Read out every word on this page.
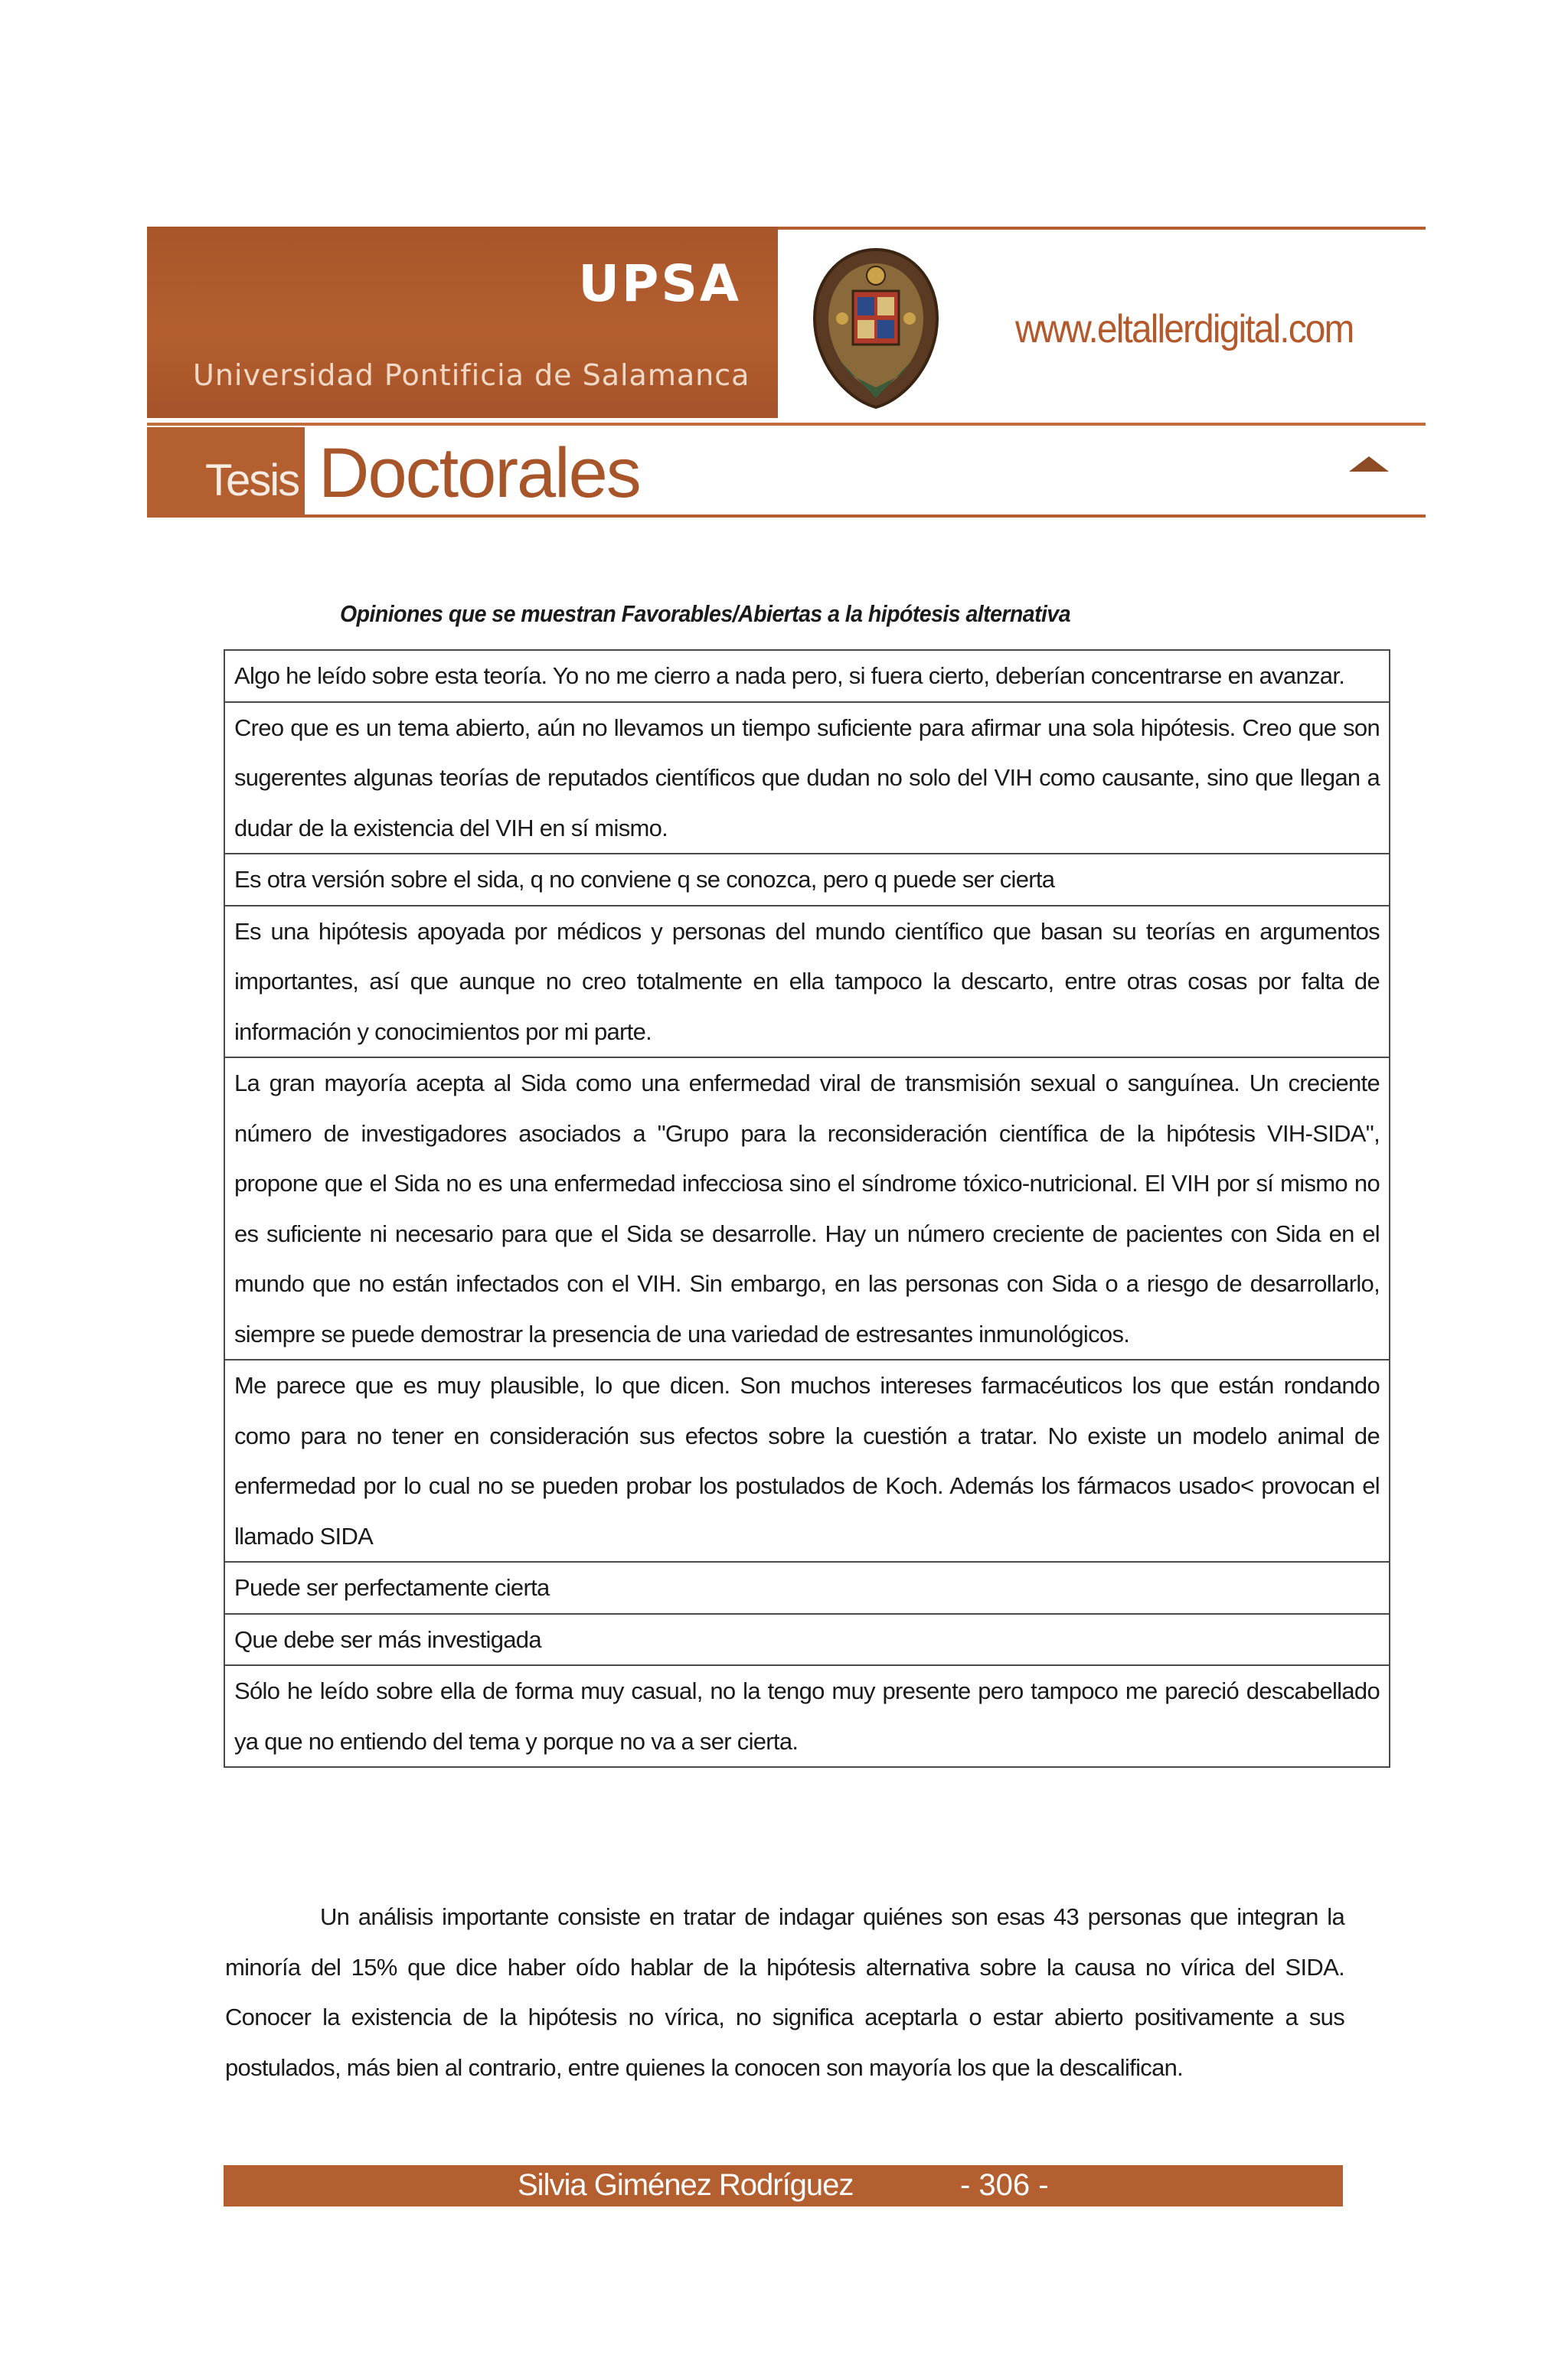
UPSA
Universidad Pontificia de Salamanca
www.eltallerdigital.com
Tesis Doctorales
Opiniones que se muestran Favorables/Abiertas a la hipótesis alternativa
Algo he leído sobre esta teoría. Yo no me cierro a nada pero, si fuera cierto, deberían concentrarse en avanzar.
Creo que es un tema abierto, aún no llevamos un tiempo suficiente para afirmar una sola hipótesis. Creo que son sugerentes algunas teorías de reputados científicos que dudan no solo del VIH como causante, sino que llegan a dudar de la existencia del VIH en sí mismo.
Es otra versión sobre el sida, q no conviene q se conozca, pero q puede ser cierta
Es una hipótesis apoyada por médicos y personas del mundo científico que basan su teorías en argumentos importantes, así que aunque no creo totalmente en ella tampoco la descarto, entre otras cosas por falta de información y conocimientos por mi parte.
La gran mayoría acepta al Sida como una enfermedad viral de transmisión sexual o sanguínea. Un creciente número de investigadores asociados a "Grupo para la reconsideración científica de la hipótesis VIH-SIDA", propone que el Sida no es una enfermedad infecciosa sino el síndrome tóxico-nutricional. El VIH por sí mismo no es suficiente ni necesario para que el Sida se desarrolle. Hay un número creciente de pacientes con Sida en el mundo que no están infectados con el VIH. Sin embargo, en las personas con Sida o a riesgo de desarrollarlo, siempre se puede demostrar la presencia de una variedad de estresantes inmunológicos.
Me parece que es muy plausible, lo que dicen. Son muchos intereses farmacéuticos los que están rondando como para no tener en consideración sus efectos sobre la cuestión a tratar. No existe un modelo animal de enfermedad por lo cual no se pueden probar los postulados de Koch. Además los fármacos usado< provocan el llamado SIDA
Puede ser perfectamente cierta
Que debe ser más investigada
Sólo he leído sobre ella de forma muy casual, no la tengo muy presente pero tampoco me pareció descabellado ya que no entiendo del tema y porque no va a ser cierta.

Un análisis importante consiste en tratar de indagar quiénes son esas 43 personas que integran la minoría del 15% que dice haber oído hablar de la hipótesis alternativa sobre la causa no vírica del SIDA. Conocer la existencia de la hipótesis no vírica, no significa aceptarla o estar abierto positivamente a sus postulados, más bien al contrario, entre quienes la conocen son mayoría los que la descalifican.

Silvia Giménez Rodríguez	- 306 -
